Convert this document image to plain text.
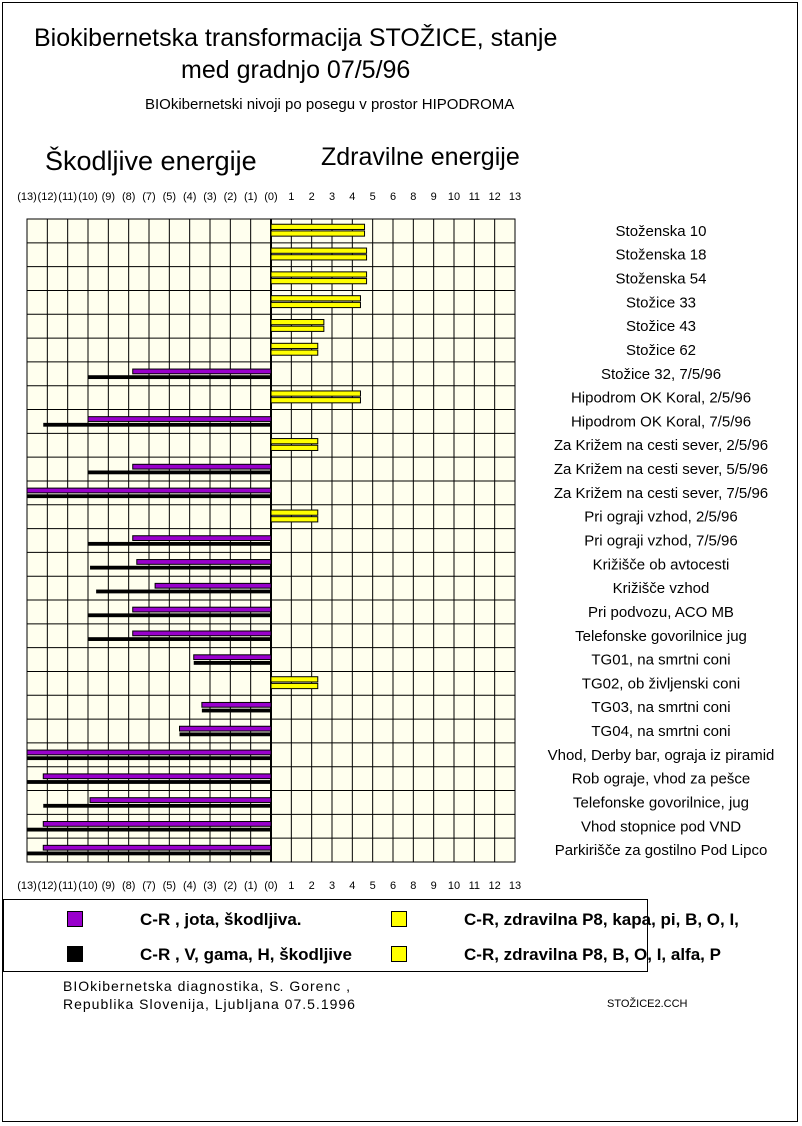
Biokibernetska transformacija STOŽICE, stanje
med gradnjo 07/5/96
BIOkibernetski nivoji po posegu v prostor HIPODROMA
Škodljive energije	Zdravilne energije
(13)
(13)
(12)
(12)
(11)
(11)
(10)
(10)
(9)
(9)
(8)
(8)
(7)
(7)
(5)
(5)
(4)
(4)
(3)
(3)
(2)
(2)
(1)
(1)
(0)
(0)
1
1
2
2
3
3
4
4
5
5
6
6
8
8
9
9
10
10
11
11
12
12
13
13
Stoženska 10
Stoženska 18
Stoženska 54
Stožice 33
Stožice 43
Stožice 62
Stožice 32, 7/5/96
Hipodrom OK Koral, 2/5/96
Hipodrom OK Koral, 7/5/96
Za Križem na cesti sever, 2/5/96
Za Križem na cesti sever, 5/5/96
Za Križem na cesti sever, 7/5/96
Pri ograji vzhod, 2/5/96
Pri ograji vzhod, 7/5/96
Križišče ob avtocesti
Križišče vzhod
Pri podvozu, ACO MB
Telefonske govorilnice jug
TG01, na smrtni coni
TG02, ob življenski coni
TG03, na smrtni coni
TG04, na smrtni coni
Vhod, Derby bar, ograja iz piramid
Rob ograje, vhod za pešce
Telefonske govorilnice, jug
Vhod stopnice pod VND
Parkirišče za gostilno Pod Lipco
C-R , jota, škodljiva.	C-R, zdravilna P8, kapa, pi, B, O, I,
C-R , V, gama, H, škodljive	C-R, zdravilna P8, B, O, I, alfa, P
BIOkibernetska diagnostika, S. Gorenc ,
Republika Slovenija, Ljubljana 07.5.1996	STOŽICE2.CCH
